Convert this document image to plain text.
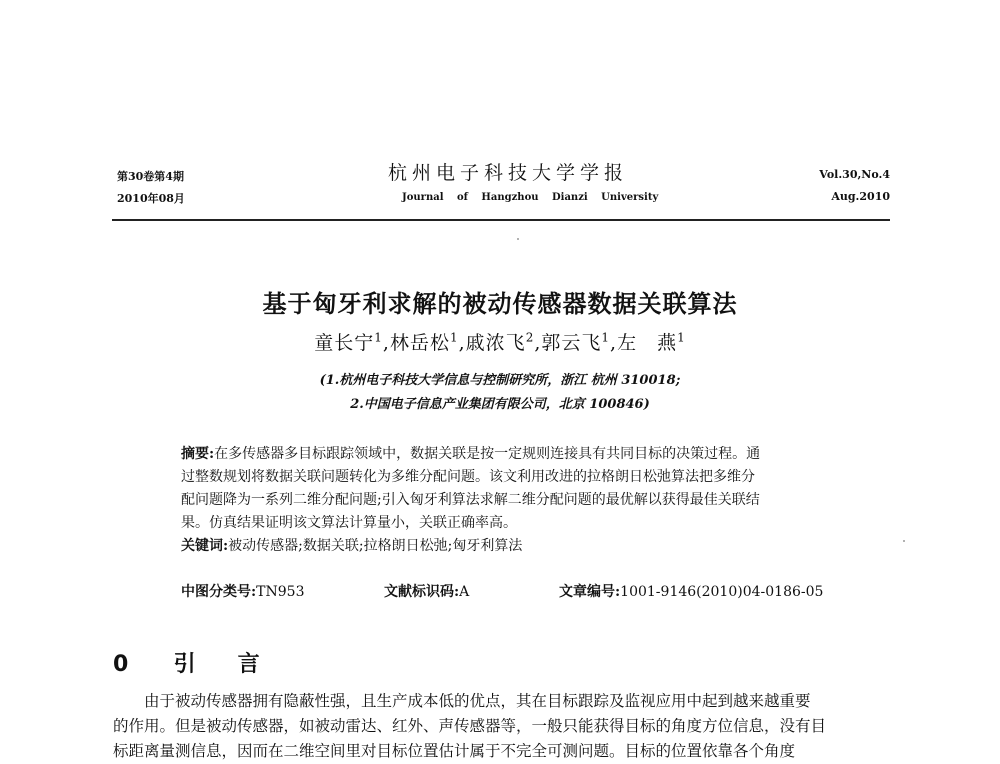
第30卷第4期
2010年08月
杭州电子科技大学学报
Journal of Hangzhou Dianzi University
Vol.30,No.4
Aug.2010
基于匈牙利求解的被动传感器数据关联算法
童长宁$^1$,林岳松$^1$,戚浓飞$^2$,郭云飞$^1$,左　燕$^1$
(1.杭州电子科技大学信息与控制研究所，浙江 杭州 310018;
2.中国电子信息产业集团有限公司，北京 100846)
摘要:在多传感器多目标跟踪领域中，数据关联是按一定规则连接具有共同目标的决策过程。通
过整数规划将数据关联问题转化为多维分配问题。该文利用改进的拉格朗日松弛算法把多维分
配问题降为一系列二维分配问题;引入匈牙利算法求解二维分配问题的最优解以获得最佳关联结
果。仿真结果证明该文算法计算量小，关联正确率高。
关键词:被动传感器;数据关联;拉格朗日松弛;匈牙利算法
中图分类号:TN953	文献标识码:A	文章编号:1001-9146(2010)04-0186-05
0 引　言
由于被动传感器拥有隐蔽性强，且生产成本低的优点，其在目标跟踪及监视应用中起到越来越重要
的作用。但是被动传感器，如被动雷达、红外、声传感器等，一般只能获得目标的角度方位信息，没有目
标距离量测信息，因而在二维空间里对目标位置估计属于不完全可测问题。目标的位置依靠各个角度
